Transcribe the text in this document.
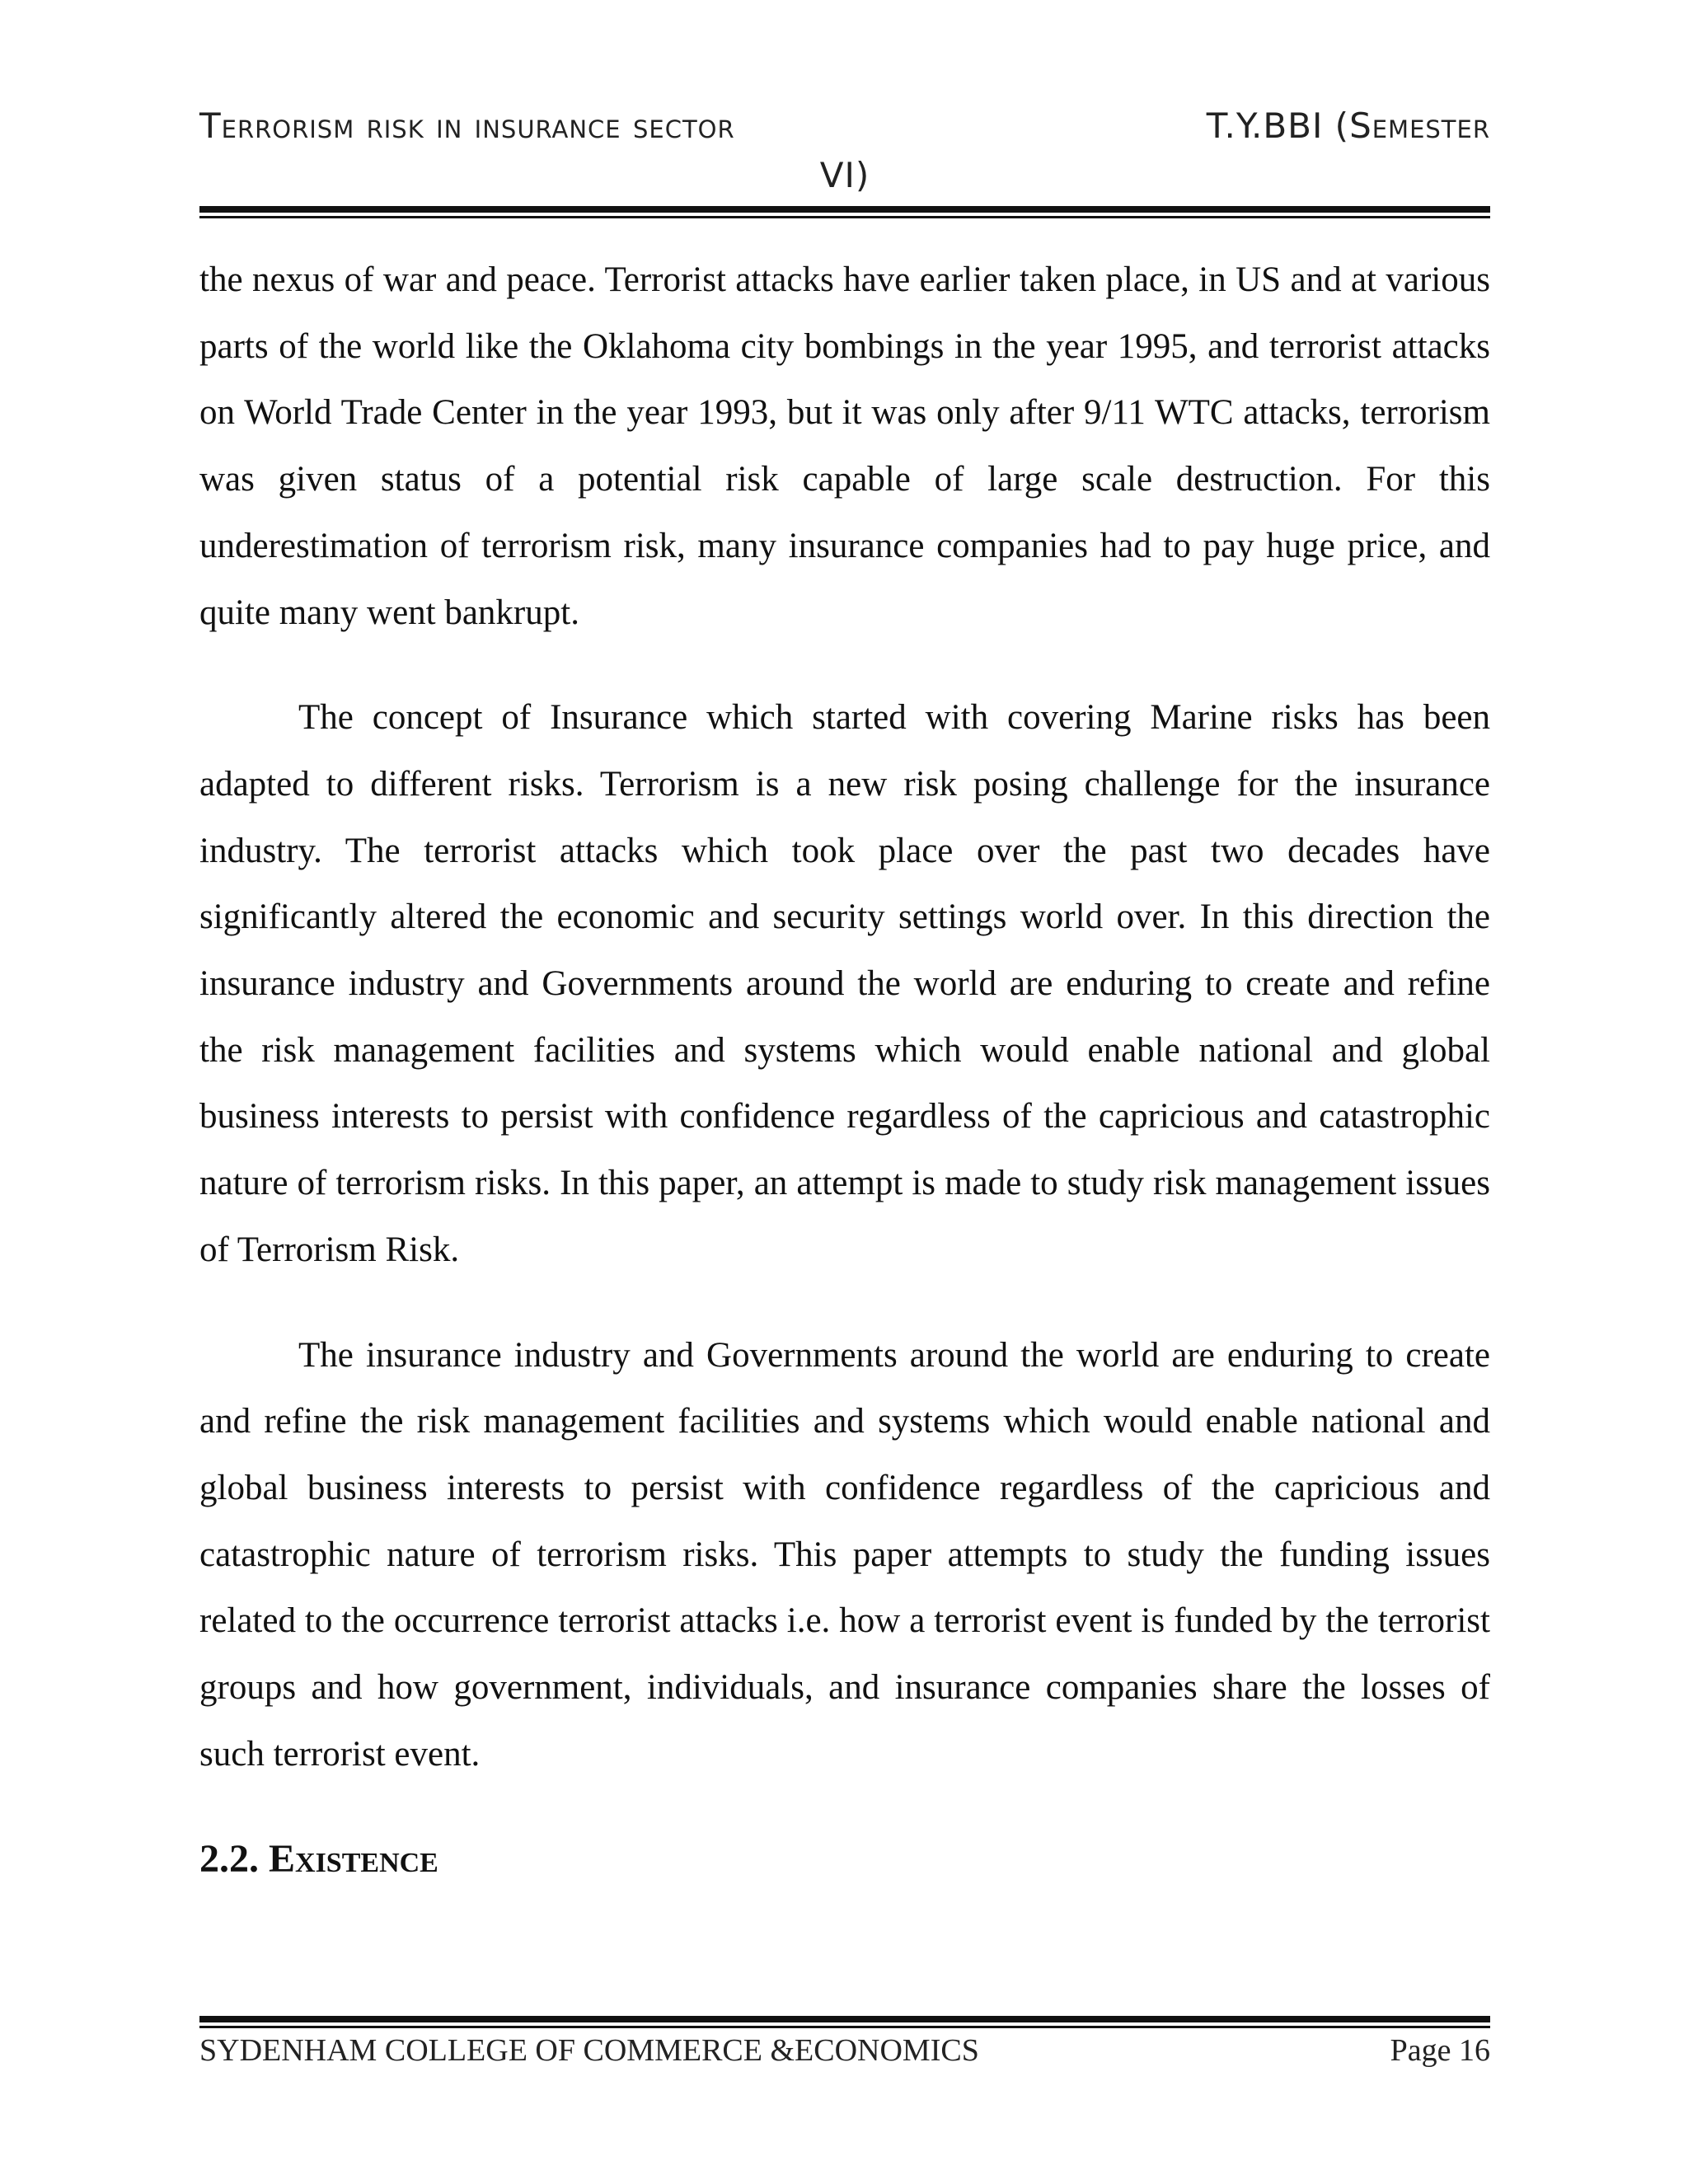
Terrorism risk in insurance sector	T.Y.BBI (Semester
VI)

the nexus of war and peace. Terrorist attacks have earlier taken place, in US and at various parts of the world like the Oklahoma city bombings in the year 1995, and terrorist attacks on World Trade Center in the year 1993, but it was only after 9/11 WTC attacks, terrorism was given status of a potential risk capable of large scale destruction. For this underestimation of terrorism risk, many insurance companies had to pay huge price, and quite many went bankrupt.

The concept of Insurance which started with covering Marine risks has been adapted to different risks. Terrorism is a new risk posing challenge for the insurance industry. The terrorist attacks which took place over the past two decades have significantly altered the economic and security settings world over. In this direction the insurance industry and Governments around the world are enduring to create and refine the risk management facilities and systems which would enable national and global business interests to persist with confidence regardless of the capricious and catastrophic nature of terrorism risks. In this paper, an attempt is made to study risk management issues of Terrorism Risk.

The insurance industry and Governments around the world are enduring to create and refine the risk management facilities and systems which would enable national and global business interests to persist with confidence regardless of the capricious and catastrophic nature of terrorism risks. This paper attempts to study the funding issues related to the occurrence terrorist attacks i.e. how a terrorist event is funded by the terrorist groups and how government, individuals, and insurance companies share the losses of such terrorist event.

2.2. Existence
SYDENHAM COLLEGE OF COMMERCE &ECONOMICS	Page 16
